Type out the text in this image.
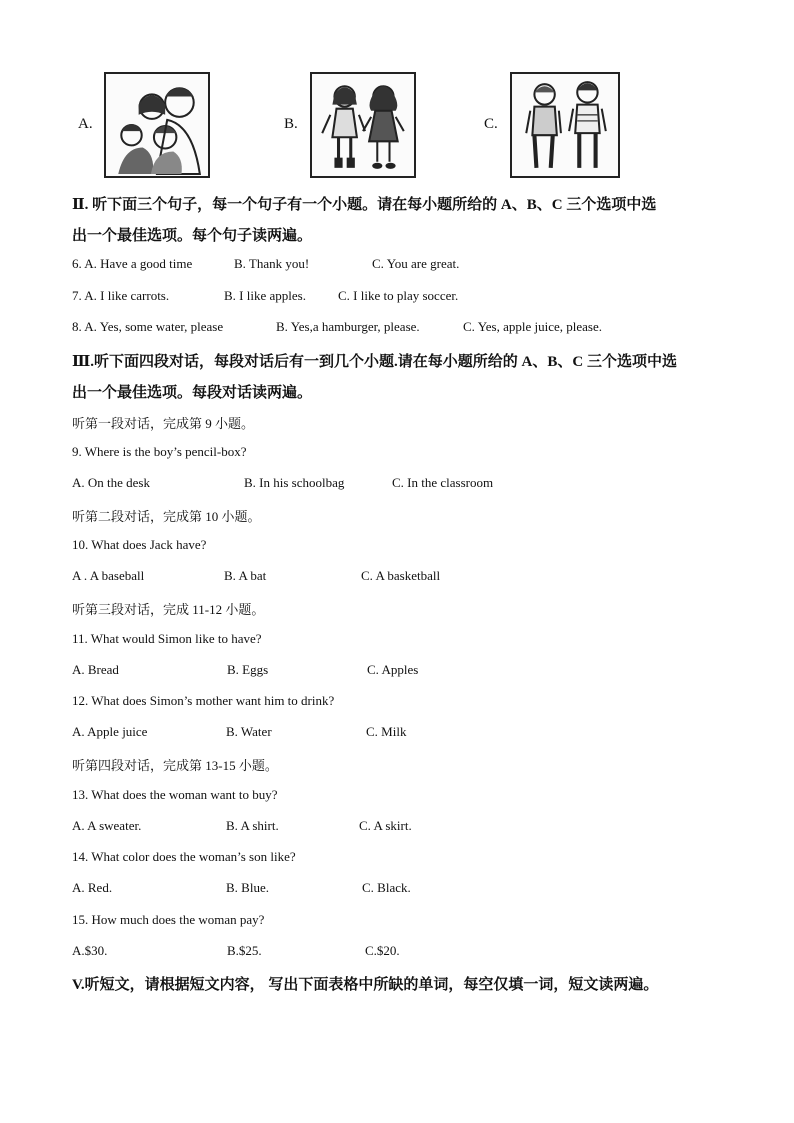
A.	B.	C.
Ⅱ. 听下面三个句子，每一个句子有一个小题。请在每小题所给的 A、B、C 三个选项中选
出一个最佳选项。每个句子读两遍。
6. A. Have a good time	B. Thank you!	C. You are great.
7. A. I like carrots.	B. I like apples. C. I like to play soccer.
8. A. Yes, some water, please	B. Yes,a hamburger, please.	C. Yes, apple juice, please.
Ⅲ.听下面四段对话，每段对话后有一到几个小题.请在每小题所给的 A、B、C 三个选项中选
出一个最佳选项。每段对话读两遍。
听第一段对话，完成第 9 小题。
9. Where is the boy’s pencil-box?
A. On the desk	B. In his schoolbag	C. In the classroom
听第二段对话，完成第 10 小题。
10. What does Jack have?
A . A baseball	B. A bat	C. A basketball
听第三段对话，完成 11-12 小题。
11. What would Simon like to have?
A. Bread	B. Eggs	C. Apples
12. What does Simon’s mother want him to drink?
A. Apple juice	B. Water	C. Milk
听第四段对话，完成第 13-15 小题。
13. What does the woman want to buy?
A. A sweater.	B. A shirt.	C. A skirt.
14. What color does the woman’s son like?
A. Red.	B. Blue.	C. Black.
15. How much does the woman pay?
A.$30.	B.$25.	C.$20.
V.听短文，请根据短文内容， 写出下面表格中所缺的单词，每空仅填一词，短文读两遍。
